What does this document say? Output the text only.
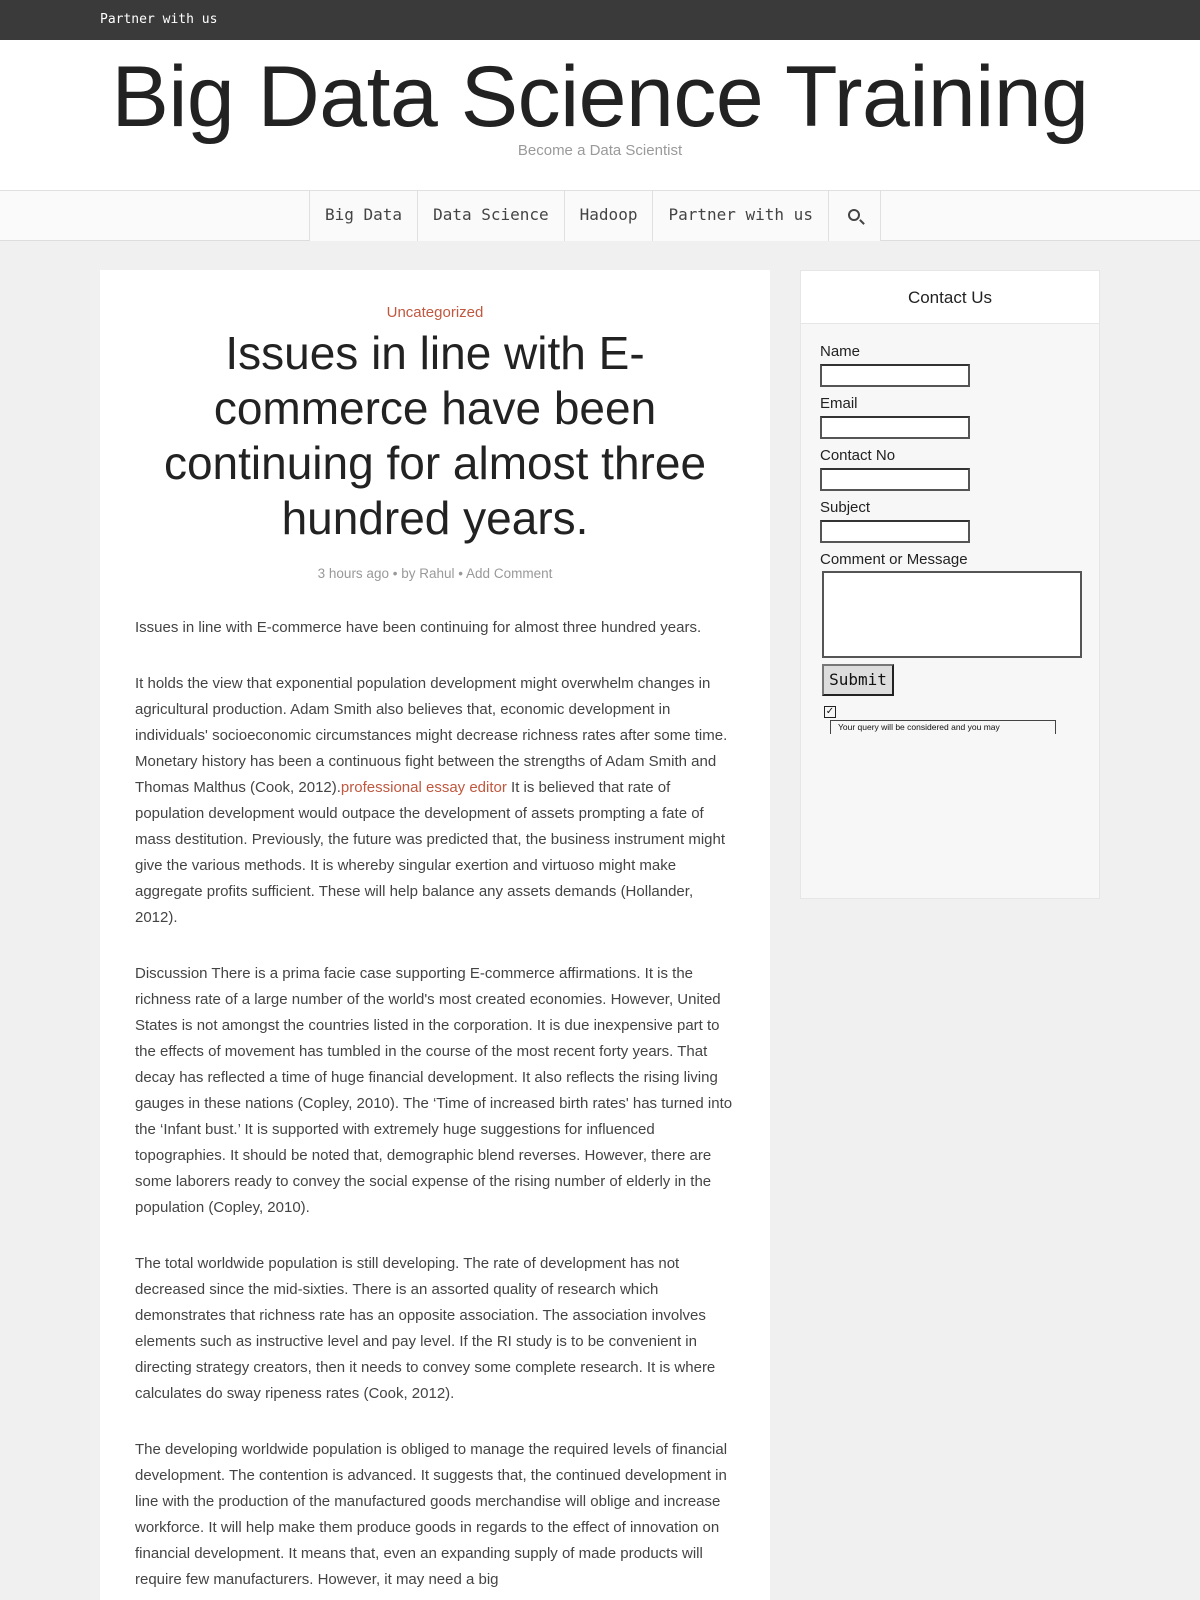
Partner with us
Big Data Science Training
Become a Data Scientist
Big Data	Data Science	Hadoop	Partner with us
Uncategorized
Issues in line with E-commerce have been continuing for almost three hundred years.
3 hours ago • by Rahul • Add Comment

Issues in line with E-commerce have been continuing for almost three hundred years.

It holds the view that exponential population development might overwhelm changes in agricultural production. Adam Smith also believes that, economic development in individuals' socioeconomic circumstances might decrease richness rates after some time. Monetary history has been a continuous fight between the strengths of Adam Smith and Thomas Malthus (Cook, 2012).professional essay editor It is believed that rate of population development would outpace the development of assets prompting a fate of mass destitution. Previously, the future was predicted that, the business instrument might give the various methods. It is whereby singular exertion and virtuoso might make aggregate profits sufficient. These will help balance any assets demands (Hollander, 2012).

Discussion There is a prima facie case supporting E-commerce affirmations. It is the richness rate of a large number of the world's most created economies. However, United States is not amongst the countries listed in the corporation. It is due inexpensive part to the effects of movement has tumbled in the course of the most recent forty years. That decay has reflected a time of huge financial development. It also reflects the rising living gauges in these nations (Copley, 2010). The ‘Time of increased birth rates' has turned into the ‘Infant bust.’ It is supported with extremely huge suggestions for influenced topographies. It should be noted that, demographic blend reverses. However, there are some laborers ready to convey the social expense of the rising number of elderly in the population (Copley, 2010).

The total worldwide population is still developing. The rate of development has not decreased since the mid-sixties. There is an assorted quality of research which demonstrates that richness rate has an opposite association. The association involves elements such as instructive level and pay level. If the RI study is to be convenient in directing strategy creators, then it needs to convey some complete research. It is where calculates do sway ripeness rates (Cook, 2012).

The developing worldwide population is obliged to manage the required levels of financial development. The contention is advanced. It suggests that, the continued development in line with the production of the manufactured goods merchandise will oblige and increase workforce. It will help make them produce goods in regards to the effect of innovation on financial development. It means that, even an expanding supply of made products will require few manufacturers. However, it may need a big

Contact Us
Name
Email
Contact No
Subject
Comment or Message
Submit
✓
Your query will be considered and you may
